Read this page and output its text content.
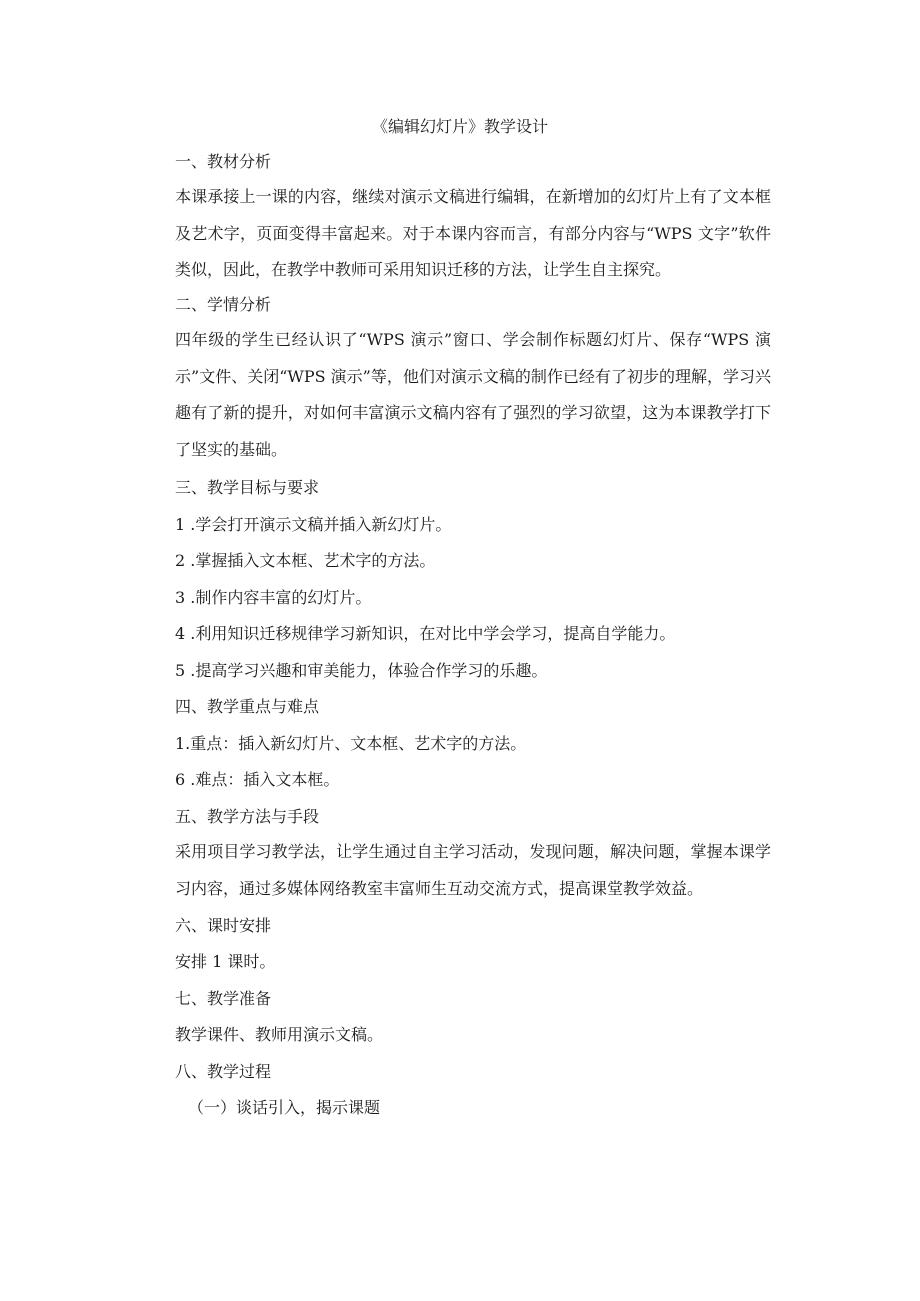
《编辑幻灯片》教学设计
一、教材分析
本课承接上一课的内容，继续对演示文稿进行编辑，在新增加的幻灯片上有了文本框及艺术字，页面变得丰富起来。对于本课内容而言，有部分内容与“WPS 文字”软件类似，因此，在教学中教师可采用知识迁移的方法，让学生自主探究。
二、学情分析
四年级的学生已经认识了“WPS 演示”窗口、学会制作标题幻灯片、保存“WPS 演示”文件、关闭“WPS 演示”等，他们对演示文稿的制作已经有了初步的理解，学习兴趣有了新的提升，对如何丰富演示文稿内容有了强烈的学习欲望，这为本课教学打下了坚实的基础。
三、教学目标与要求
1 .学会打开演示文稿并插入新幻灯片。
2 .掌握插入文本框、艺术字的方法。
3 .制作内容丰富的幻灯片。
4 .利用知识迁移规律学习新知识，在对比中学会学习，提高自学能力。
5 .提高学习兴趣和审美能力，体验合作学习的乐趣。
四、教学重点与难点
1.重点：插入新幻灯片、文本框、艺术字的方法。
6 .难点：插入文本框。
五、教学方法与手段
采用项目学习教学法，让学生通过自主学习活动，发现问题，解决问题，掌握本课学习内容，通过多媒体网络教室丰富师生互动交流方式，提高课堂教学效益。
六、课时安排
安排 1 课时。
七、教学准备
教学课件、教师用演示文稿。
八、教学过程
（一）谈话引入，揭示课题
